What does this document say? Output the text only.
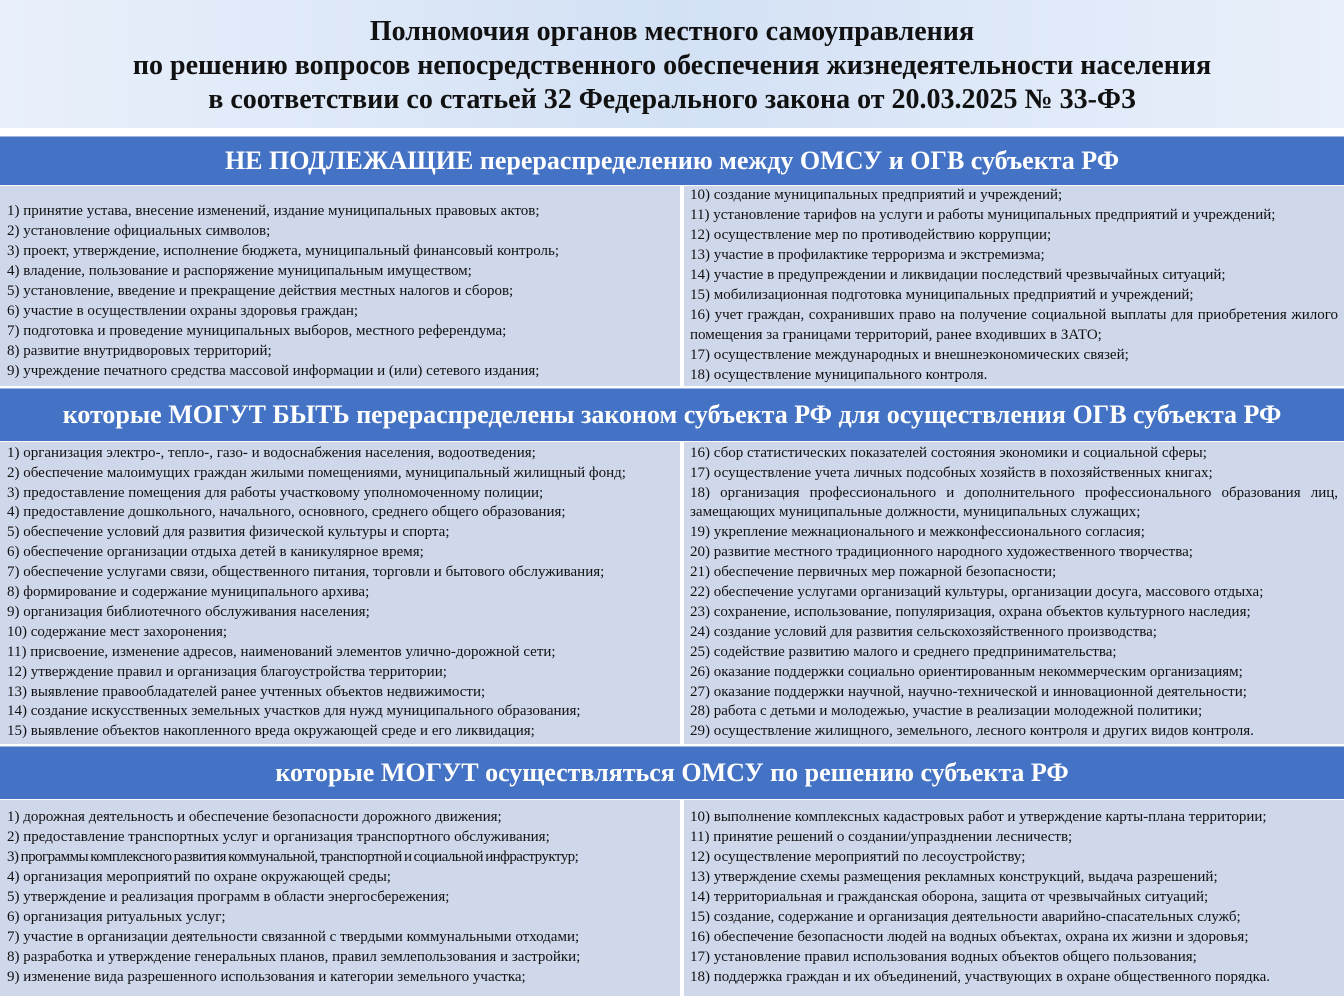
Полномочия органов местного самоуправления
по решению вопросов непосредственного обеспечения жизнедеятельности населения
в соответствии со статьей 32 Федерального закона от 20.03.2025 № 33-ФЗ
НЕ ПОДЛЕЖАЩИЕ перераспределению между ОМСУ и ОГВ субъекта РФ
1) принятие устава, внесение изменений, издание муниципальных правовых актов;
2) установление официальных символов;
3) проект, утверждение, исполнение бюджета, муниципальный финансовый контроль;
4) владение, пользование и распоряжение муниципальным имуществом;
5) установление, введение и прекращение действия местных налогов и сборов;
6) участие в осуществлении охраны здоровья граждан;
7) подготовка и проведение муниципальных выборов, местного референдума;
8) развитие внутридворовых территорий;
9) учреждение печатного средства массовой информации и (или) сетевого издания;
10) создание муниципальных предприятий и учреждений;
11) установление тарифов на услуги и работы муниципальных предприятий и учреждений;
12) осуществление мер по противодействию коррупции;
13) участие в профилактике терроризма и экстремизма;
14) участие в предупреждении и ликвидации последствий чрезвычайных ситуаций;
15) мобилизационная подготовка муниципальных предприятий и учреждений;
16) учет граждан, сохранивших право на получение социальной выплаты для приобретения жилого помещения за границами территорий, ранее входивших в ЗАТО;
17) осуществление международных и внешнеэкономических связей;
18) осуществление муниципального контроля.
которые МОГУТ БЫТЬ перераспределены законом субъекта РФ для осуществления ОГВ субъекта РФ
1) организация электро-, тепло-, газо- и водоснабжения населения, водоотведения;
2) обеспечение малоимущих граждан жилыми помещениями, муниципальный жилищный фонд;
3) предоставление помещения для работы участковому уполномоченному полиции;
4) предоставление дошкольного, начального, основного, среднего общего образования;
5) обеспечение условий для развития физической культуры и спорта;
6) обеспечение организации отдыха детей в каникулярное время;
7) обеспечение услугами связи, общественного питания, торговли и бытового обслуживания;
8) формирование и содержание муниципального архива;
9) организация библиотечного обслуживания населения;
10) содержание мест захоронения;
11) присвоение, изменение адресов, наименований элементов улично-дорожной сети;
12) утверждение правил и организация благоустройства территории;
13) выявление правообладателей ранее учтенных объектов недвижимости;
14) создание искусственных земельных участков для нужд муниципального образования;
15) выявление объектов накопленного вреда окружающей среде и его ликвидация;
16) сбор статистических показателей состояния экономики и социальной сферы;
17) осуществление учета личных подсобных хозяйств в похозяйственных книгах;
18) организация профессионального и дополнительного профессионального образования лиц, замещающих муниципальные должности, муниципальных служащих;
19) укрепление межнационального и межконфессионального согласия;
20) развитие местного традиционного народного художественного творчества;
21) обеспечение первичных мер пожарной безопасности;
22) обеспечение услугами организаций культуры, организации досуга, массового отдыха;
23) сохранение, использование, популяризация, охрана объектов культурного наследия;
24) создание условий для развития сельскохозяйственного производства;
25) содействие развитию малого и среднего предпринимательства;
26) оказание поддержки социально ориентированным некоммерческим организациям;
27) оказание поддержки научной, научно-технической и инновационной деятельности;
28) работа с детьми и молодежью, участие в реализации молодежной политики;
29) осуществление жилищного, земельного, лесного контроля и других видов контроля.
которые МОГУТ осуществляться ОМСУ по решению субъекта РФ
1) дорожная деятельность и обеспечение безопасности дорожного движения;
2) предоставление транспортных услуг и организация транспортного обслуживания;
3) программы комплексного развития коммунальной, транспортной и социальной инфраструктур;
4) организация мероприятий по охране окружающей среды;
5) утверждение и реализация программ в области энергосбережения;
6) организация ритуальных услуг;
7) участие в организации деятельности связанной с твердыми коммунальными отходами;
8) разработка и утверждение генеральных планов, правил землепользования и застройки;
9) изменение вида разрешенного использования и категории земельного участка;
10) выполнение комплексных кадастровых работ и утверждение карты-плана территории;
11) принятие решений о создании/упразднении лесничеств;
12) осуществление мероприятий по лесоустройству;
13) утверждение схемы размещения рекламных конструкций, выдача разрешений;
14) территориальная и гражданская оборона, защита от чрезвычайных ситуаций;
15) создание, содержание и организация деятельности аварийно-спасательных служб;
16) обеспечение безопасности людей на водных объектах, охрана их жизни и здоровья;
17) установление правил использования водных объектов общего пользования;
18) поддержка граждан и их объединений, участвующих в охране общественного порядка.
